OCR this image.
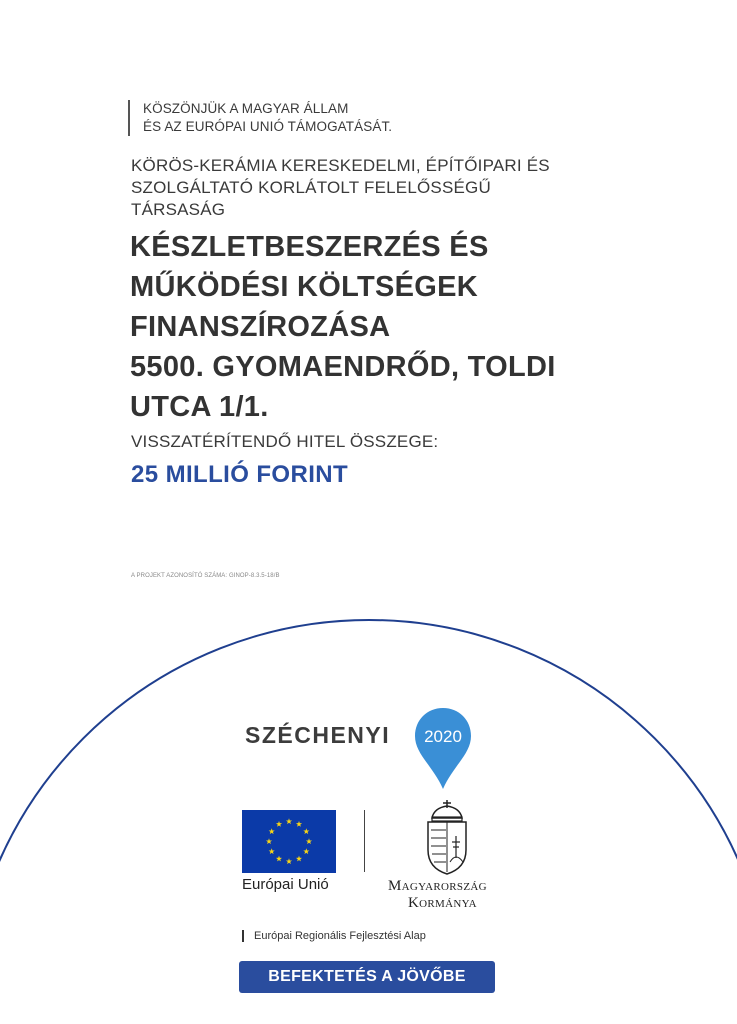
KÖSZÖNJÜK A MAGYAR ÁLLAM
ÉS AZ EURÓPAI UNIÓ TÁMOGATÁSÁT.
KÖRÖS-KERÁMIA KERESKEDELMI, ÉPÍTŐIPARI ÉS
SZOLGÁLTATÓ KORLÁTOLT FELELŐSSÉGŰ
TÁRSASÁG
KÉSZLETBESZERZÉS ÉS
MŰKÖDÉSI KÖLTSÉGEK
FINANSZÍROZÁSA
5500. GYOMAENDRŐD, TOLDI
UTCA 1/1.
VISSZATÉRÍTENDŐ HITEL ÖSSZEGE:
25 MILLIÓ FORINT
A PROJEKT AZONOSÍTÓ SZÁMA: GINOP-8.3.5-18/B
SZÉCHENYI 2020
Európai Unió	Magyarország
Kormánya
Európai Regionális Fejlesztési Alap
BEFEKTETÉS A JÖVŐBE
